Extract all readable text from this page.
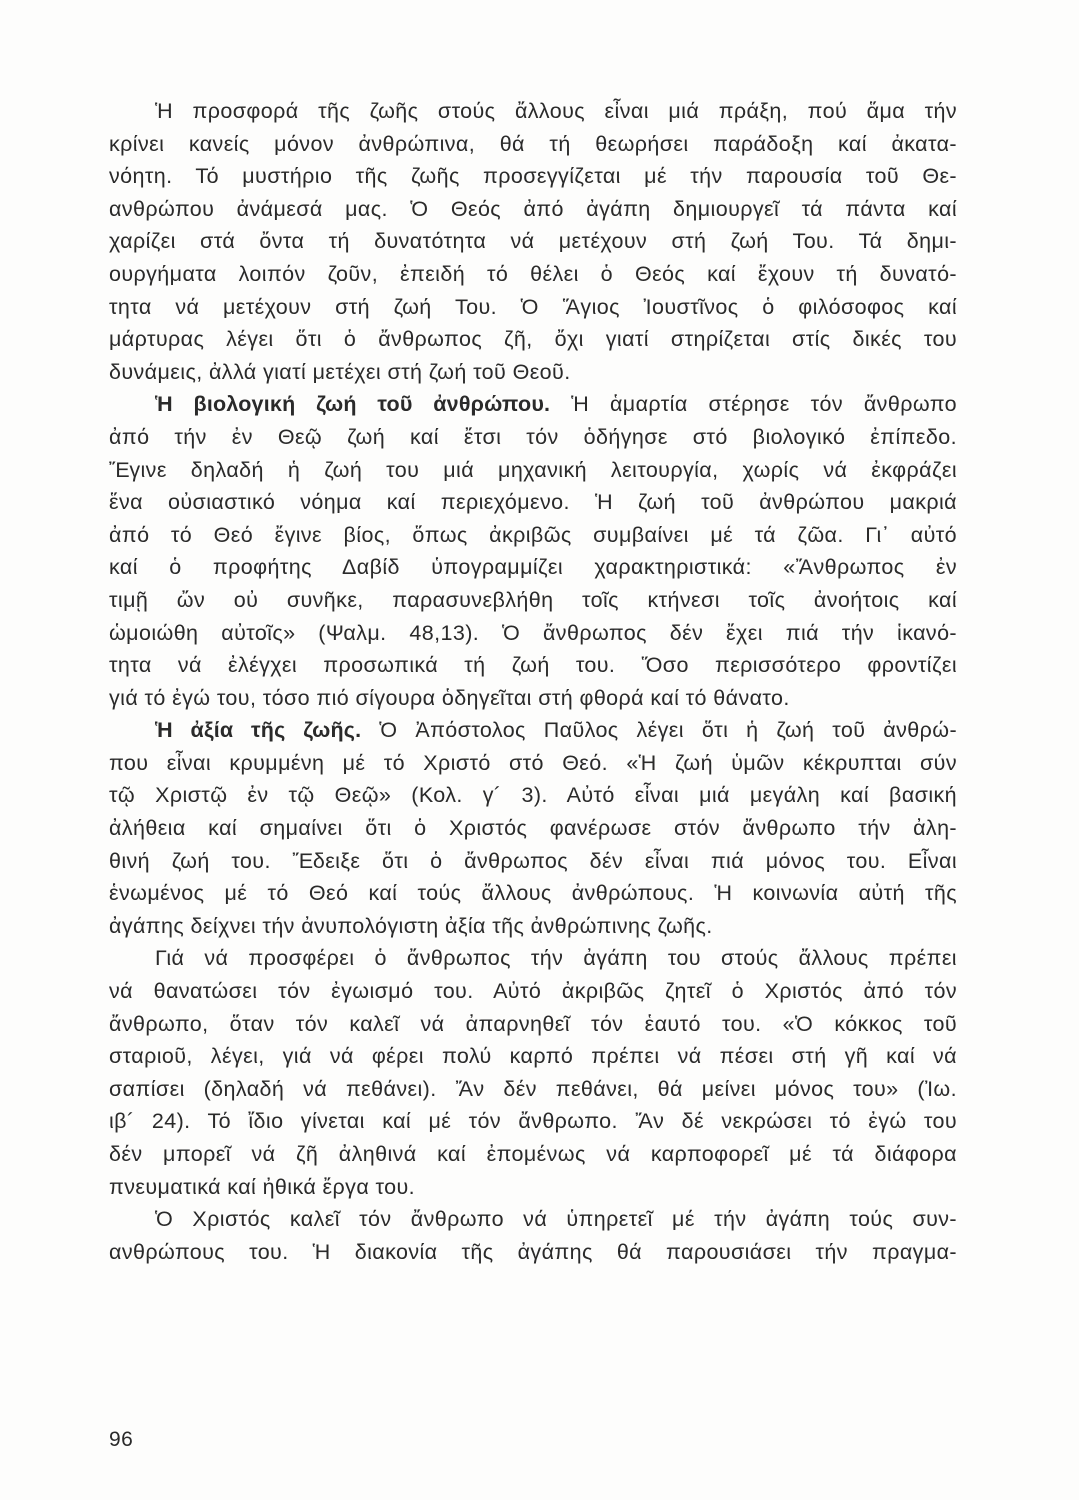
Ἡ προσφορά τῆς ζωῆς στούς ἄλλους εἶναι μιά πράξη, πού ἅμα τήν
κρίνει κανείς μόνον ἀνθρώπινα, θά τή θεωρήσει παράδοξη καί ἀκατα-
νόητη. Τό μυστήριο τῆς ζωῆς προσεγγίζεται μέ τήν παρουσία τοῦ Θε-
ανθρώπου ἀνάμεσά μας. Ὁ Θεός ἀπό ἀγάπη δημιουργεῖ τά πάντα καί
χαρίζει στά ὄντα τή δυνατότητα νά μετέχουν στή ζωή Του. Τά δημι-
ουργήματα λοιπόν ζοῦν, ἐπειδή τό θέλει ὁ Θεός καί ἔχουν τή δυνατό-
τητα νά μετέχουν στή ζωή Του. Ὁ Ἅγιος Ἰουστῖνος ὁ φιλόσοφος καί
μάρτυρας λέγει ὅτι ὁ ἄνθρωπος ζῆ, ὄχι γιατί στηρίζεται στίς δικές του
δυνάμεις, ἀλλά γιατί μετέχει στή ζωή τοῦ Θεοῦ.
Ἡ βιολογική ζωή τοῦ ἀνθρώπου. Ἡ ἁμαρτία στέρησε τόν ἄνθρωπο
ἀπό τήν ἐν Θεῷ ζωή καί ἔτσι τόν ὁδήγησε στό βιολογικό ἐπίπεδο.
Ἔγινε δηλαδή ἡ ζωή του μιά μηχανική λειτουργία, χωρίς νά ἐκφράζει
ἕνα οὐσιαστικό νόημα καί περιεχόμενο. Ἡ ζωή τοῦ ἀνθρώπου μακριά
ἀπό τό Θεό ἔγινε βίος, ὅπως ἀκριβῶς συμβαίνει μέ τά ζῶα. Γι᾽ αὐτό
καί ὁ προφήτης Δαβίδ ὑπογραμμίζει χαρακτηριστικά: «Ἄνθρωπος ἐν
τιμῇ ὤν οὐ συνῆκε, παρασυνεβλήθη τοῖς κτήνεσι τοῖς ἀνοήτοις καί
ὡμοιώθη αὐτοῖς» (Ψαλμ. 48,13). Ὁ ἄνθρωπος δέν ἔχει πιά τήν ἱκανό-
τητα νά ἐλέγχει προσωπικά τή ζωή του. Ὅσο περισσότερο φροντίζει
γιά τό ἐγώ του, τόσο πιό σίγουρα ὁδηγεῖται στή φθορά καί τό θάνατο.
Ἡ ἀξία τῆς ζωῆς. Ὁ Ἀπόστολος Παῦλος λέγει ὅτι ἡ ζωή τοῦ ἀνθρώ-
που εἶναι κρυμμένη μέ τό Χριστό στό Θεό. «Ἡ ζωή ὑμῶν κέκρυπται σύν
τῷ Χριστῷ ἐν τῷ Θεῷ» (Κολ. γ´ 3). Αὐτό εἶναι μιά μεγάλη καί βασική
ἀλήθεια καί σημαίνει ὅτι ὁ Χριστός φανέρωσε στόν ἄνθρωπο τήν ἀλη-
θινή ζωή του. Ἔδειξε ὅτι ὁ ἄνθρωπος δέν εἶναι πιά μόνος του. Εἶναι
ἑνωμένος μέ τό Θεό καί τούς ἄλλους ἀνθρώπους. Ἡ κοινωνία αὐτή τῆς
ἀγάπης δείχνει τήν ἀνυπολόγιστη ἀξία τῆς ἀνθρώπινης ζωῆς.
Γιά νά προσφέρει ὁ ἄνθρωπος τήν ἀγάπη του στούς ἄλλους πρέπει
νά θανατώσει τόν ἐγωισμό του. Αὐτό ἀκριβῶς ζητεῖ ὁ Χριστός ἀπό τόν
ἄνθρωπο, ὅταν τόν καλεῖ νά ἀπαρνηθεῖ τόν ἑαυτό του. «Ὁ κόκκος τοῦ
σταριοῦ, λέγει, γιά νά φέρει πολύ καρπό πρέπει νά πέσει στή γῆ καί νά
σαπίσει (δηλαδή νά πεθάνει). Ἄν δέν πεθάνει, θά μείνει μόνος του» (Ἰω.
ιβ´ 24). Τό ἴδιο γίνεται καί μέ τόν ἄνθρωπο. Ἄν δέ νεκρώσει τό ἐγώ του
δέν μπορεῖ νά ζῆ ἀληθινά καί ἐπομένως νά καρποφορεῖ μέ τά διάφορα
πνευματικά καί ἠθικά ἔργα του.
Ὁ Χριστός καλεῖ τόν ἄνθρωπο νά ὑπηρετεῖ μέ τήν ἀγάπη τούς συν-
ανθρώπους του. Ἡ διακονία τῆς ἀγάπης θά παρουσιάσει τήν πραγμα-
96
